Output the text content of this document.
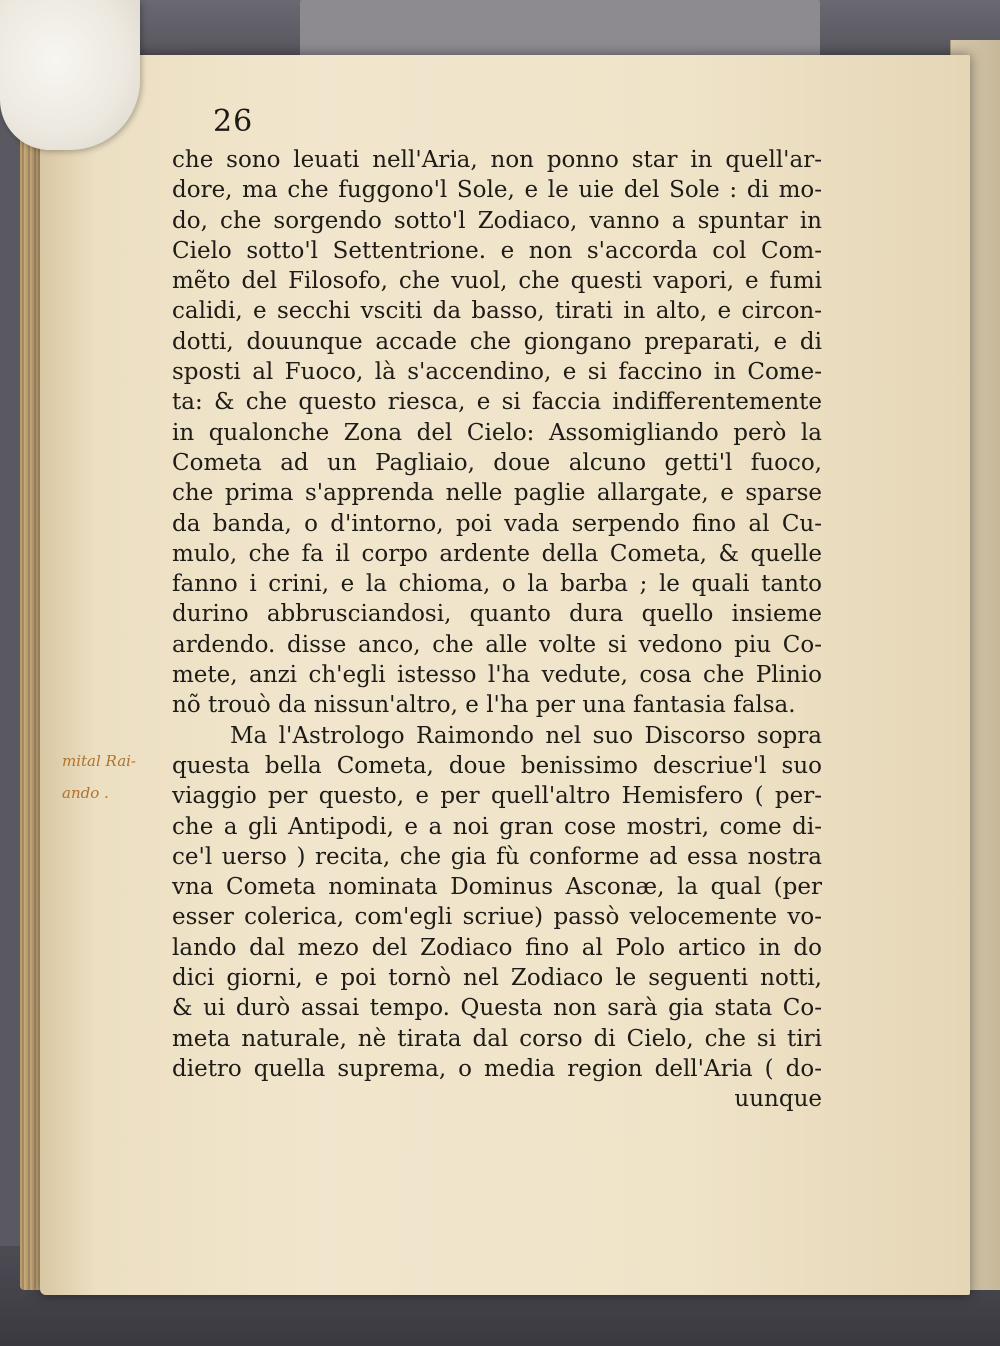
26
mital Rai-
ando .
che sono leuati nell'Aria, non ponno star in quell'ar-
dore, ma che fuggono'l Sole, e le uie del Sole : di mo-
do, che sorgendo sotto'l Zodiaco, vanno a spuntar in
Cielo sotto'l Settentrione. e non s'accorda col Com-
mẽto del Filosofo, che vuol, che questi vapori, e fumi
calidi, e secchi vsciti da basso, tirati in alto, e circon-
dotti, douunque accade che giongano preparati, e di
sposti al Fuoco, là s'accendino, e si faccino in Come-
ta: & che questo riesca, e si faccia indifferentemente
in qualonche Zona del Cielo: Assomigliando però la
Cometa ad un Pagliaio, doue alcuno getti'l fuoco,
che prima s'apprenda nelle paglie allargate, e sparse
da banda, o d'intorno, poi vada serpendo fino al Cu-
mulo, che fa il corpo ardente della Cometa, & quelle
fanno i crini, e la chioma, o la barba ; le quali tanto
durino abbrusciandosi, quanto dura quello insieme
ardendo. disse anco, che alle volte si vedono piu Co-
mete, anzi ch'egli istesso l'ha vedute, cosa che Plinio
nõ trouò da nissun'altro, e l'ha per una fantasia falsa.
Ma l'Astrologo Raimondo nel suo Discorso sopra
questa bella Cometa, doue benissimo descriue'l suo
viaggio per questo, e per quell'altro Hemisfero ( per-
che a gli Antipodi, e a noi gran cose mostri, come di-
ce'l uerso ) recita, che gia fù conforme ad essa nostra
vna Cometa nominata Dominus Asconæ, la qual (per
esser colerica, com'egli scriue) passò velocemente vo-
lando dal mezo del Zodiaco fino al Polo artico in do
dici giorni, e poi tornò nel Zodiaco le seguenti notti,
& ui durò assai tempo. Questa non sarà gia stata Co-
meta naturale, nè tirata dal corso di Cielo, che si tiri
dietro quella suprema, o media region dell'Aria ( do-
uunque
